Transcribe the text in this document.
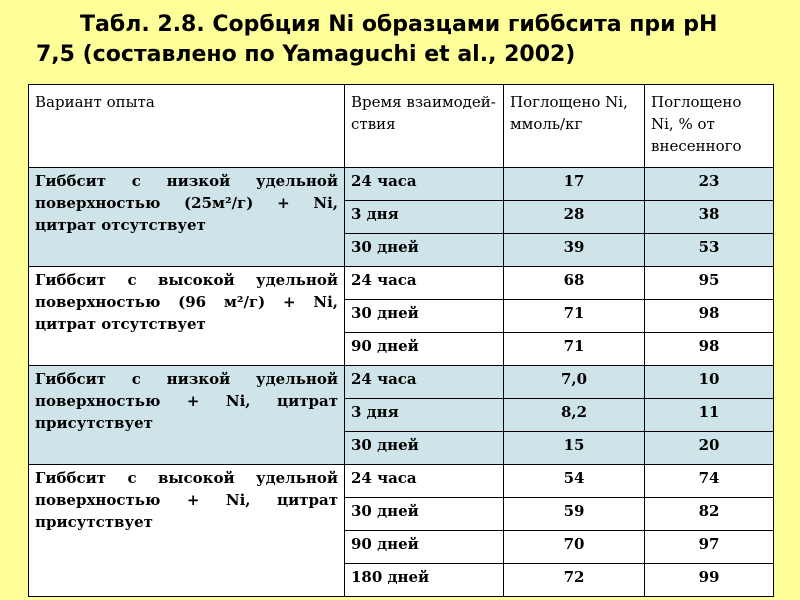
Табл. 2.8. Сорбция Ni образцами гиббсита при рН 7,5 (составлено по Yamaguchi et al., 2002)
Вариант опыта	Время взаимодей-ствия	Поглощено Ni, ммоль/кг	Поглощено Ni, % от внесенного
Гиббсит с низкой удельной поверхностью (25м²/г) + Ni, цитрат отсутствует	24 часа	17	23
	3 дня	28	38
	30 дней	39	53
Гиббсит с высокой удельной поверхностью (96 м²/г) + Ni, цитрат отсутствует	24 часа	68	95
	30 дней	71	98
	90 дней	71	98
Гиббсит с низкой удельной поверхностью + Ni, цитрат присутствует	24 часа	7,0	10
	3 дня	8,2	11
	30 дней	15	20
Гиббсит с высокой удельной поверхностью + Ni, цитрат присутствует	24 часа	54	74
	30 дней	59	82
	90 дней	70	97
	180 дней	72	99
